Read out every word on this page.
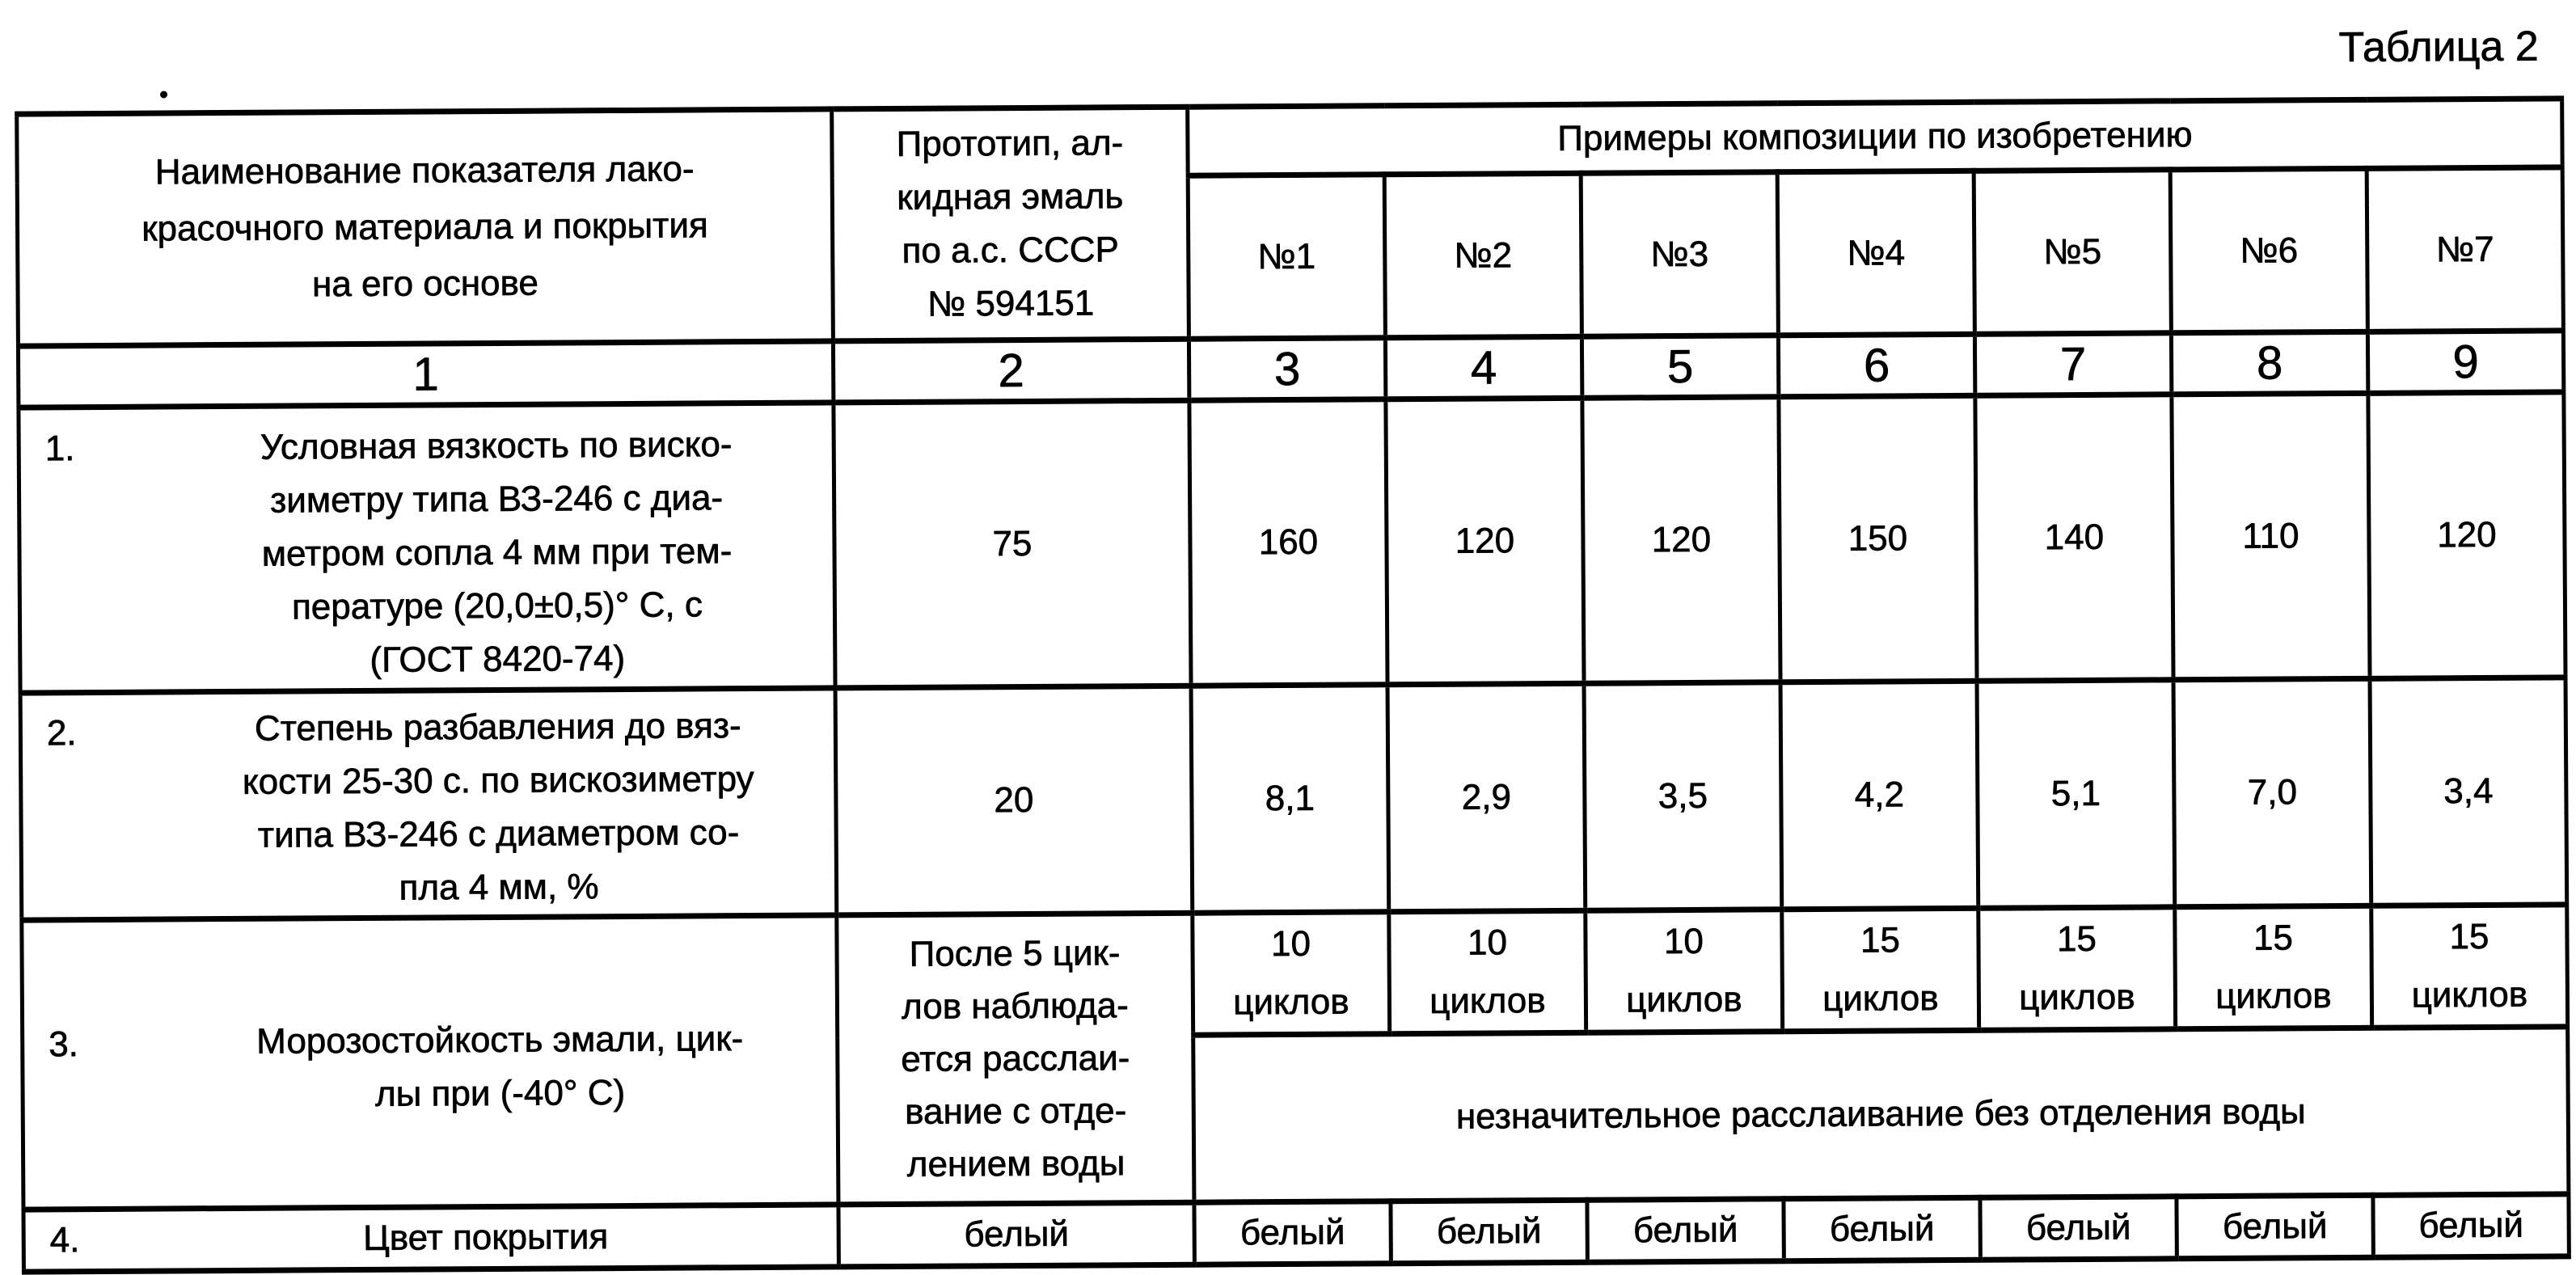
Таблица 2
Наименование показателя лако-
красочного материала и покрытия
на его основе	Прототип, ал-
кидная эмаль
по а.с. СССР
№ 594151	Примеры композиции по изобретению						
		№1	№2	№3	№4	№5	№6	№7
1	2	3	4	5	6	7	8	9

1.	Условная вязкость по виско-
зиметру типа ВЗ-246 с диа-
метром сопла 4 мм при тем-
пературе (20,0±0,5)° С, с
(ГОСТ 8420-74)
	75	160	120	120	150	140	110	120

2. Степень разбавления до вяз-
кости 25-30 с. по вискозиметру
типа ВЗ-246 с диаметром со-
пла 4 мм, %	20	8,1	2,9	3,5	4,2	5,1	7,0	3,4

3. Морозостойкость эмали, цик-
лы при (-40° С)	После 5 цик-
лов наблюда-
ется расслаи-
вание с отде-
лением воды	10
циклов	10
циклов	10
циклов	15
циклов	15
циклов	15
циклов	15
циклов
		незначительное расслаивание без отделения воды						

4. Цвет покрытия	белый	белый	белый	белый	белый	белый	белый	белый
